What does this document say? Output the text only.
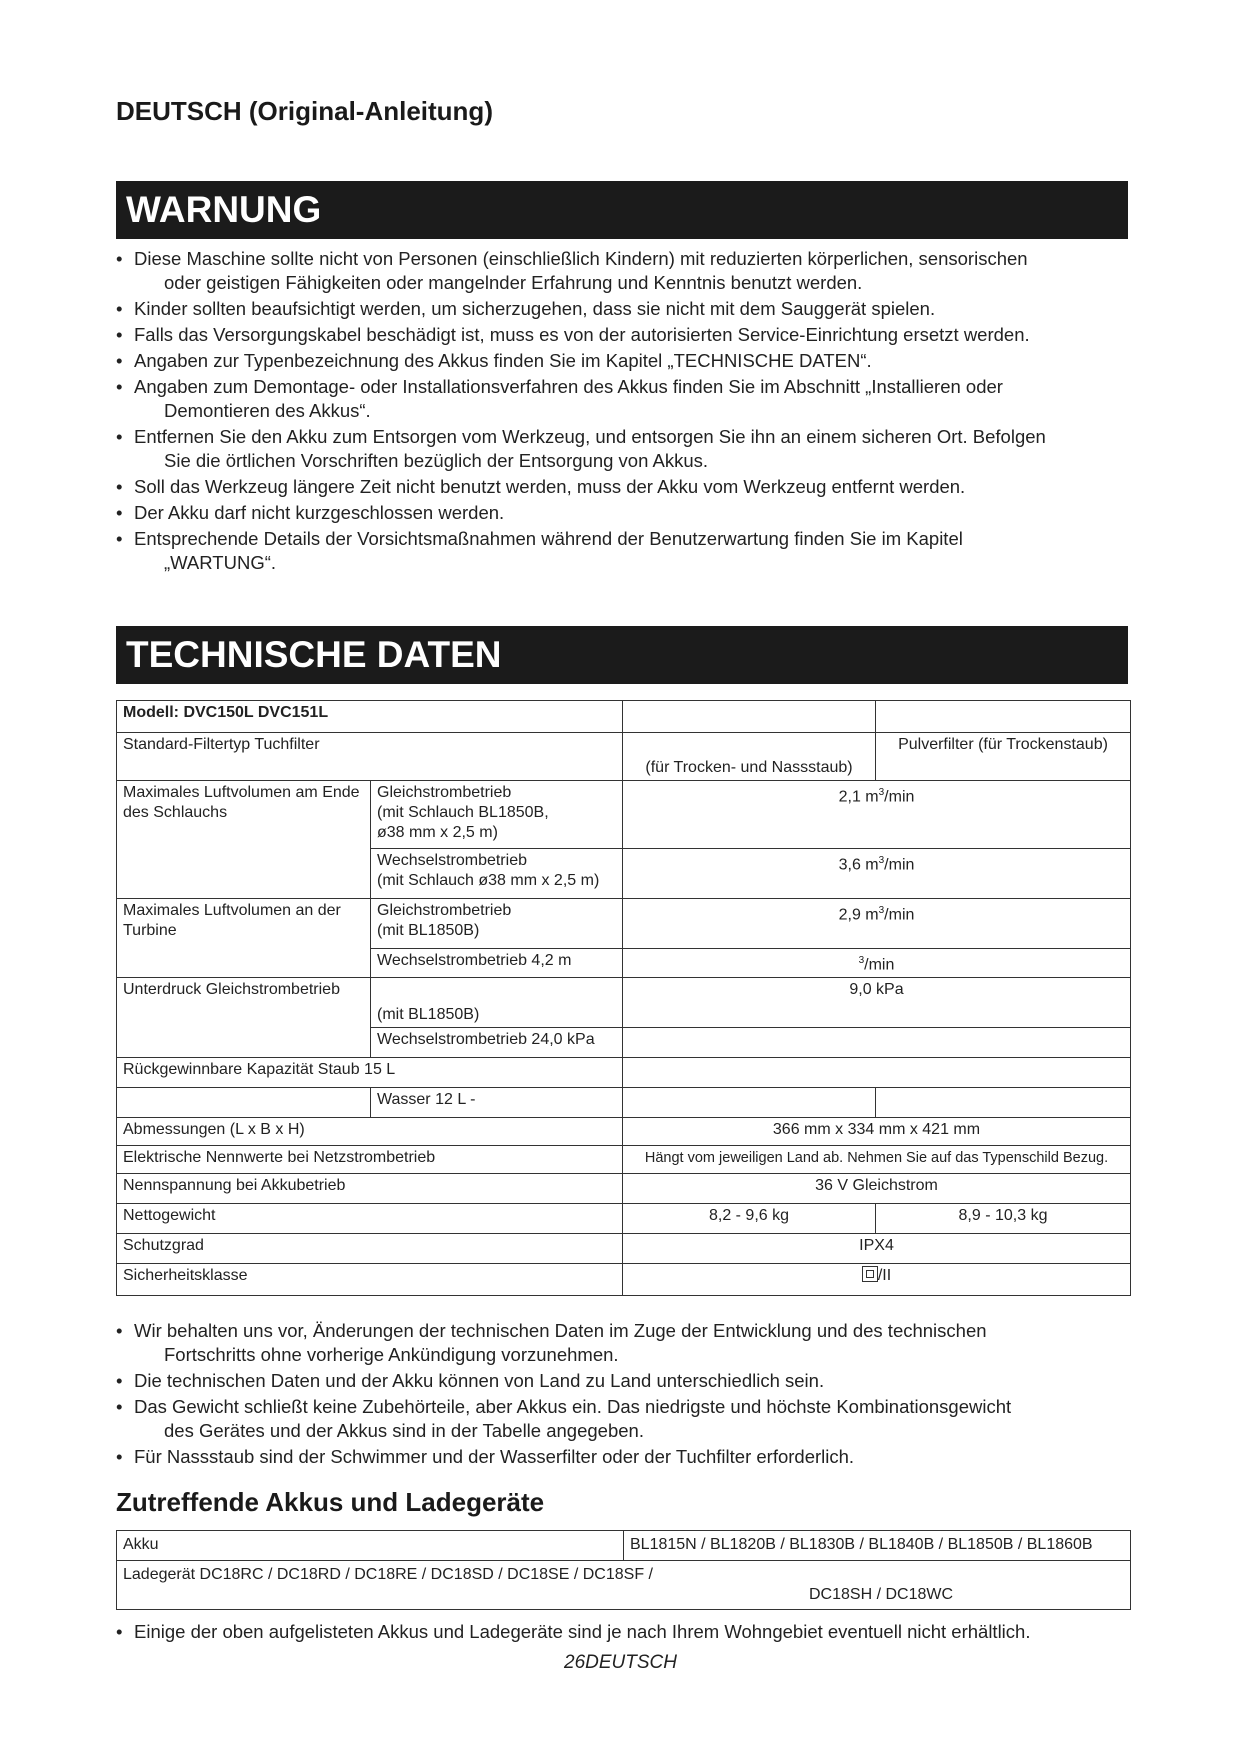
DEUTSCH (Original-Anleitung)
WARNUNG
• Diese Maschine sollte nicht von Personen (einschließlich Kindern) mit reduzierten körperlichen, sensorischen
oder geistigen Fähigkeiten oder mangelnder Erfahrung und Kenntnis benutzt werden.
• Kinder sollten beaufsichtigt werden, um sicherzugehen, dass sie nicht mit dem Sauggerät spielen.
• Falls das Versorgungskabel beschädigt ist, muss es von der autorisierten Service-Einrichtung ersetzt werden.
• Angaben zur Typenbezeichnung des Akkus finden Sie im Kapitel „TECHNISCHE DATEN“.
• Angaben zum Demontage- oder Installationsverfahren des Akkus finden Sie im Abschnitt „Installieren oder
Demontieren des Akkus“.
• Entfernen Sie den Akku zum Entsorgen vom Werkzeug, und entsorgen Sie ihn an einem sicheren Ort. Befolgen
Sie die örtlichen Vorschriften bezüglich der Entsorgung von Akkus.
• Soll das Werkzeug längere Zeit nicht benutzt werden, muss der Akku vom Werkzeug entfernt werden.
• Der Akku darf nicht kurzgeschlossen werden.
• Entsprechende Details der Vorsichtsmaßnahmen während der Benutzerwartung finden Sie im Kapitel
„WARTUNG“.
TECHNISCHE DATEN
Modell: DVC150L DVC151L			
Standard-Filtertyp Tuchfilter		(für Trocken- und Nassstaub)	Pulverfilter (für Trockenstaub)
Maximales Luftvolumen am Ende des Schlauchs	Gleichstrombetrieb
(mit Schlauch BL1850B,
ø38 mm x 2,5 m)	2,1 $m^3/\min$	
	Wechselstrombetrieb
(mit Schlauch ø38 mm x 2,5 m)	3,6 $m^3/\min$	
Maximales Luftvolumen an der Turbine	Gleichstrombetrieb
(mit BL1850B)	2,9 $m^3/\min$	
	Wechselstrombetrieb 4,2 m	$^3$/min	
Unterdruck Gleichstrombetrieb	(mit BL1850B)	9,0 kPa	
	Wechselstrombetrieb 24,0 kPa		
Rückgewinnbare Kapazität Staub 15 L			
	Wasser 12 L -		
Abmessungen (L x B x H)		366 mm x 334 mm x 421 mm	
Elektrische Nennwerte bei Netzstrombetrieb		Hängt vom jeweiligen Land ab. Nehmen Sie auf das Typenschild Bezug.	
Nennspannung bei Akkubetrieb		36 V Gleichstrom	
Nettogewicht		8,2 - 9,6 kg	8,9 - 10,3 kg
Schutzgrad		IPX4	
Sicherheitsklasse		/II	
• Wir behalten uns vor, Änderungen der technischen Daten im Zuge der Entwicklung und des technischen
Fortschritts ohne vorherige Ankündigung vorzunehmen.
• Die technischen Daten und der Akku können von Land zu Land unterschiedlich sein.
• Das Gewicht schließt keine Zubehörteile, aber Akkus ein. Das niedrigste und höchste Kombinationsgewicht
des Gerätes und der Akkus sind in der Tabelle angegeben.
• Für Nassstaub sind der Schwimmer und der Wasserfilter oder der Tuchfilter erforderlich.
Zutreffende Akkus und Ladegeräte
Akku	BL1815N / BL1820B / BL1830B / BL1840B / BL1850B / BL1860B

Ladegerät DC18RC / DC18RD / DC18RE / DC18SD / DC18SE / DC18SF /
DC18SH / DC18WC
• Einige der oben aufgelisteten Akkus und Ladegeräte sind je nach Ihrem Wohngebiet eventuell nicht erhältlich.
26DEUTSCH
